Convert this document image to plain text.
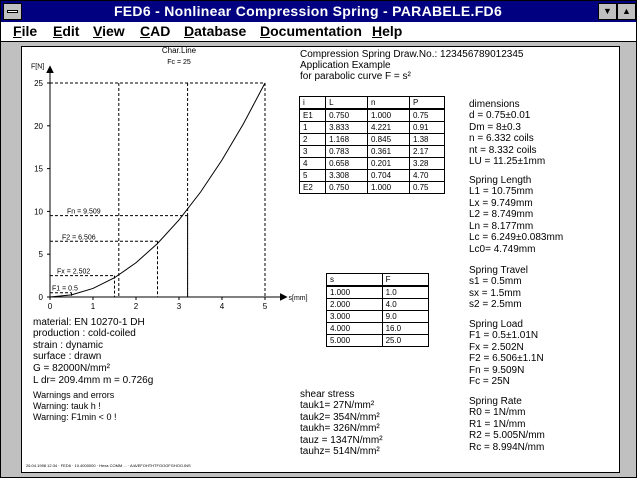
FED6 - Nonlinear Compression Spring - PARABELE.FD6	▼	▲
File Edit View CAD Database Documentation Help
F[N]
s[mm]
Char.Line
Fc = 25
0	1	2	3	4	5
0
5
10
15
20
25
F1 = 0.5
Fx = 2.502
F2 = 6.506
Fn = 9.509
Compression Spring Draw.No.: 123456789012345
Application Example
for parabolic curve F = s²
i	L	n	P
E1	0.750	1.000	0.75
1	3.833	4.221	0.91
2	1.168	0.845	1.38
3	0.783	0.361	2.17
4	0.658	0.201	3.28
5	3.308	0.704	4.70
E2	0.750	1.000	0.75
s	F
1.000	1.0
2.000	4.0
3.000	9.0
4.000	16.0
5.000	25.0
material: EN 10270-1 DH
production : cold-coiled
strain : dynamic
surface : drawn
G = 82000N/mm²
L dr= 209.4mm m = 0.726g
Warnings and errors
Warning: tauk h !
Warning: F1min < 0 !
shear stress
tauk1= 27N/mm²
tauk2= 354N/mm²
taukh= 326N/mm²
tauz = 1347N/mm²
tauhz= 514N/mm²
dimensions
d = 0.75±0.01
Dm = 8±0.3
n = 6.332 coils
nt = 8.332 coils
LU = 11.25±1mm
Spring Length
L1 = 10.75mm
Lx = 9.749mm
L2 = 8.749mm
Ln = 8.177mm
Lc = 6.249±0.083mm
Lc0= 4.749mm
Spring Travel
s1 = 0.5mm
sx = 1.5mm
s2 = 2.5mm
Spring Load
F1 = 0.5±1.01N
Fx = 2.502N
F2 = 6.506±1.1N
Fn = 9.509N
Fc = 25N
Spring Rate
R0 = 1N/mm
R1 = 1N/mm
R2 = 5.005N/mm
Rc = 8.994N/mm
26.04.1998 12:34 · FED6 · 10.4000000 · Hexa COMM ... · A/A/EFOHTHTFGOGFGHOO.INS
